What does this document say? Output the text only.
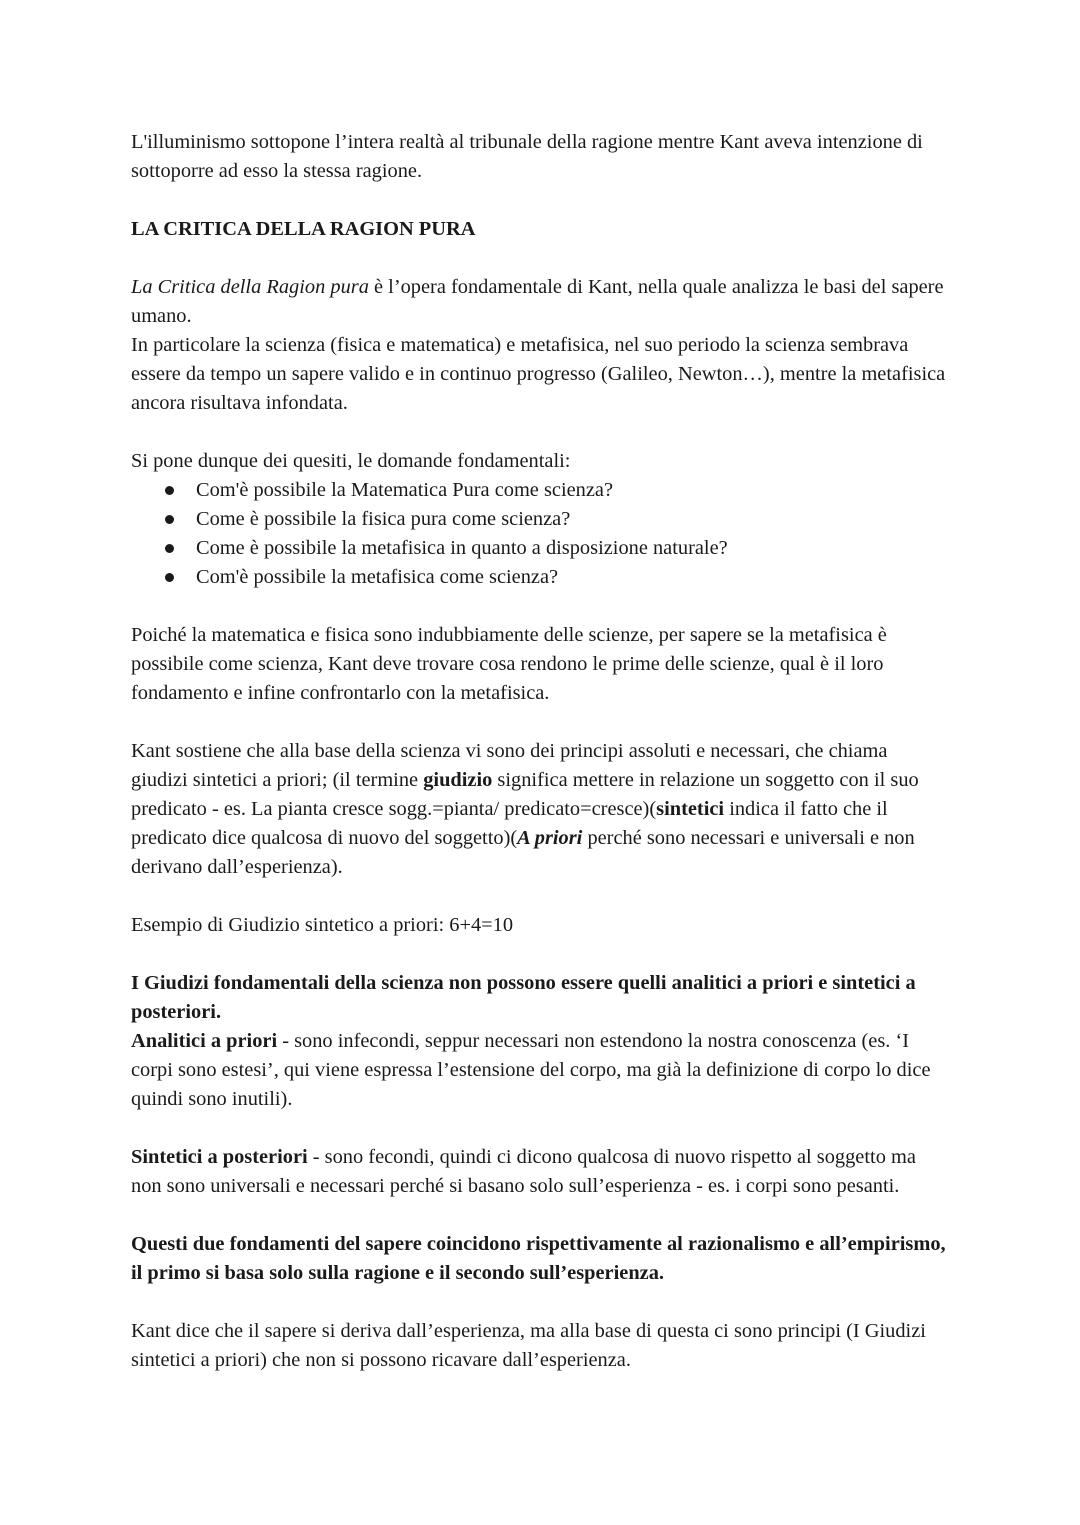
L'illuminismo sottopone l’intera realtà al tribunale della ragione mentre Kant aveva intenzione di sottoporre ad esso la stessa ragione.

LA CRITICA DELLA RAGION PURA

La Critica della Ragion pura è l’opera fondamentale di Kant, nella quale analizza le basi del sapere umano.

In particolare la scienza (fisica e matematica) e metafisica, nel suo periodo la scienza sembrava essere da tempo un sapere valido e in continuo progresso (Galileo, Newton…), mentre la metafisica ancora risultava infondata.

Si pone dunque dei quesiti, le domande fondamentali:

Com'è possibile la Matematica Pura come scienza?
Come è possibile la fisica pura come scienza?
Come è possibile la metafisica in quanto a disposizione naturale?
Com'è possibile la metafisica come scienza?

Poiché la matematica e fisica sono indubbiamente delle scienze, per sapere se la metafisica è possibile come scienza, Kant deve trovare cosa rendono le prime delle scienze, qual è il loro fondamento e infine confrontarlo con la metafisica.

Kant sostiene che alla base della scienza vi sono dei principi assoluti e necessari, che chiama giudizi sintetici a priori; (il termine giudizio significa mettere in relazione un soggetto con il suo predicato - es. La pianta cresce sogg.=pianta/ predicato=cresce)(sintetici indica il fatto che il predicato dice qualcosa di nuovo del soggetto)(A priori perché sono necessari e universali e non derivano dall’esperienza).

Esempio di Giudizio sintetico a priori: 6+4=10

I Giudizi fondamentali della scienza non possono essere quelli analitici a priori e sintetici a posteriori.

Analitici a priori - sono infecondi, seppur necessari non estendono la nostra conoscenza (es. ‘I corpi sono estesi’, qui viene espressa l’estensione del corpo, ma già la definizione di corpo lo dice quindi sono inutili).

Sintetici a posteriori - sono fecondi, quindi ci dicono qualcosa di nuovo rispetto al soggetto ma non sono universali e necessari perché si basano solo sull’esperienza - es. i corpi sono pesanti.

Questi due fondamenti del sapere coincidono rispettivamente al razionalismo e all’empirismo, il primo si basa solo sulla ragione e il secondo sull’esperienza.

Kant dice che il sapere si deriva dall’esperienza, ma alla base di questa ci sono principi (I Giudizi sintetici a priori) che non si possono ricavare dall’esperienza.
